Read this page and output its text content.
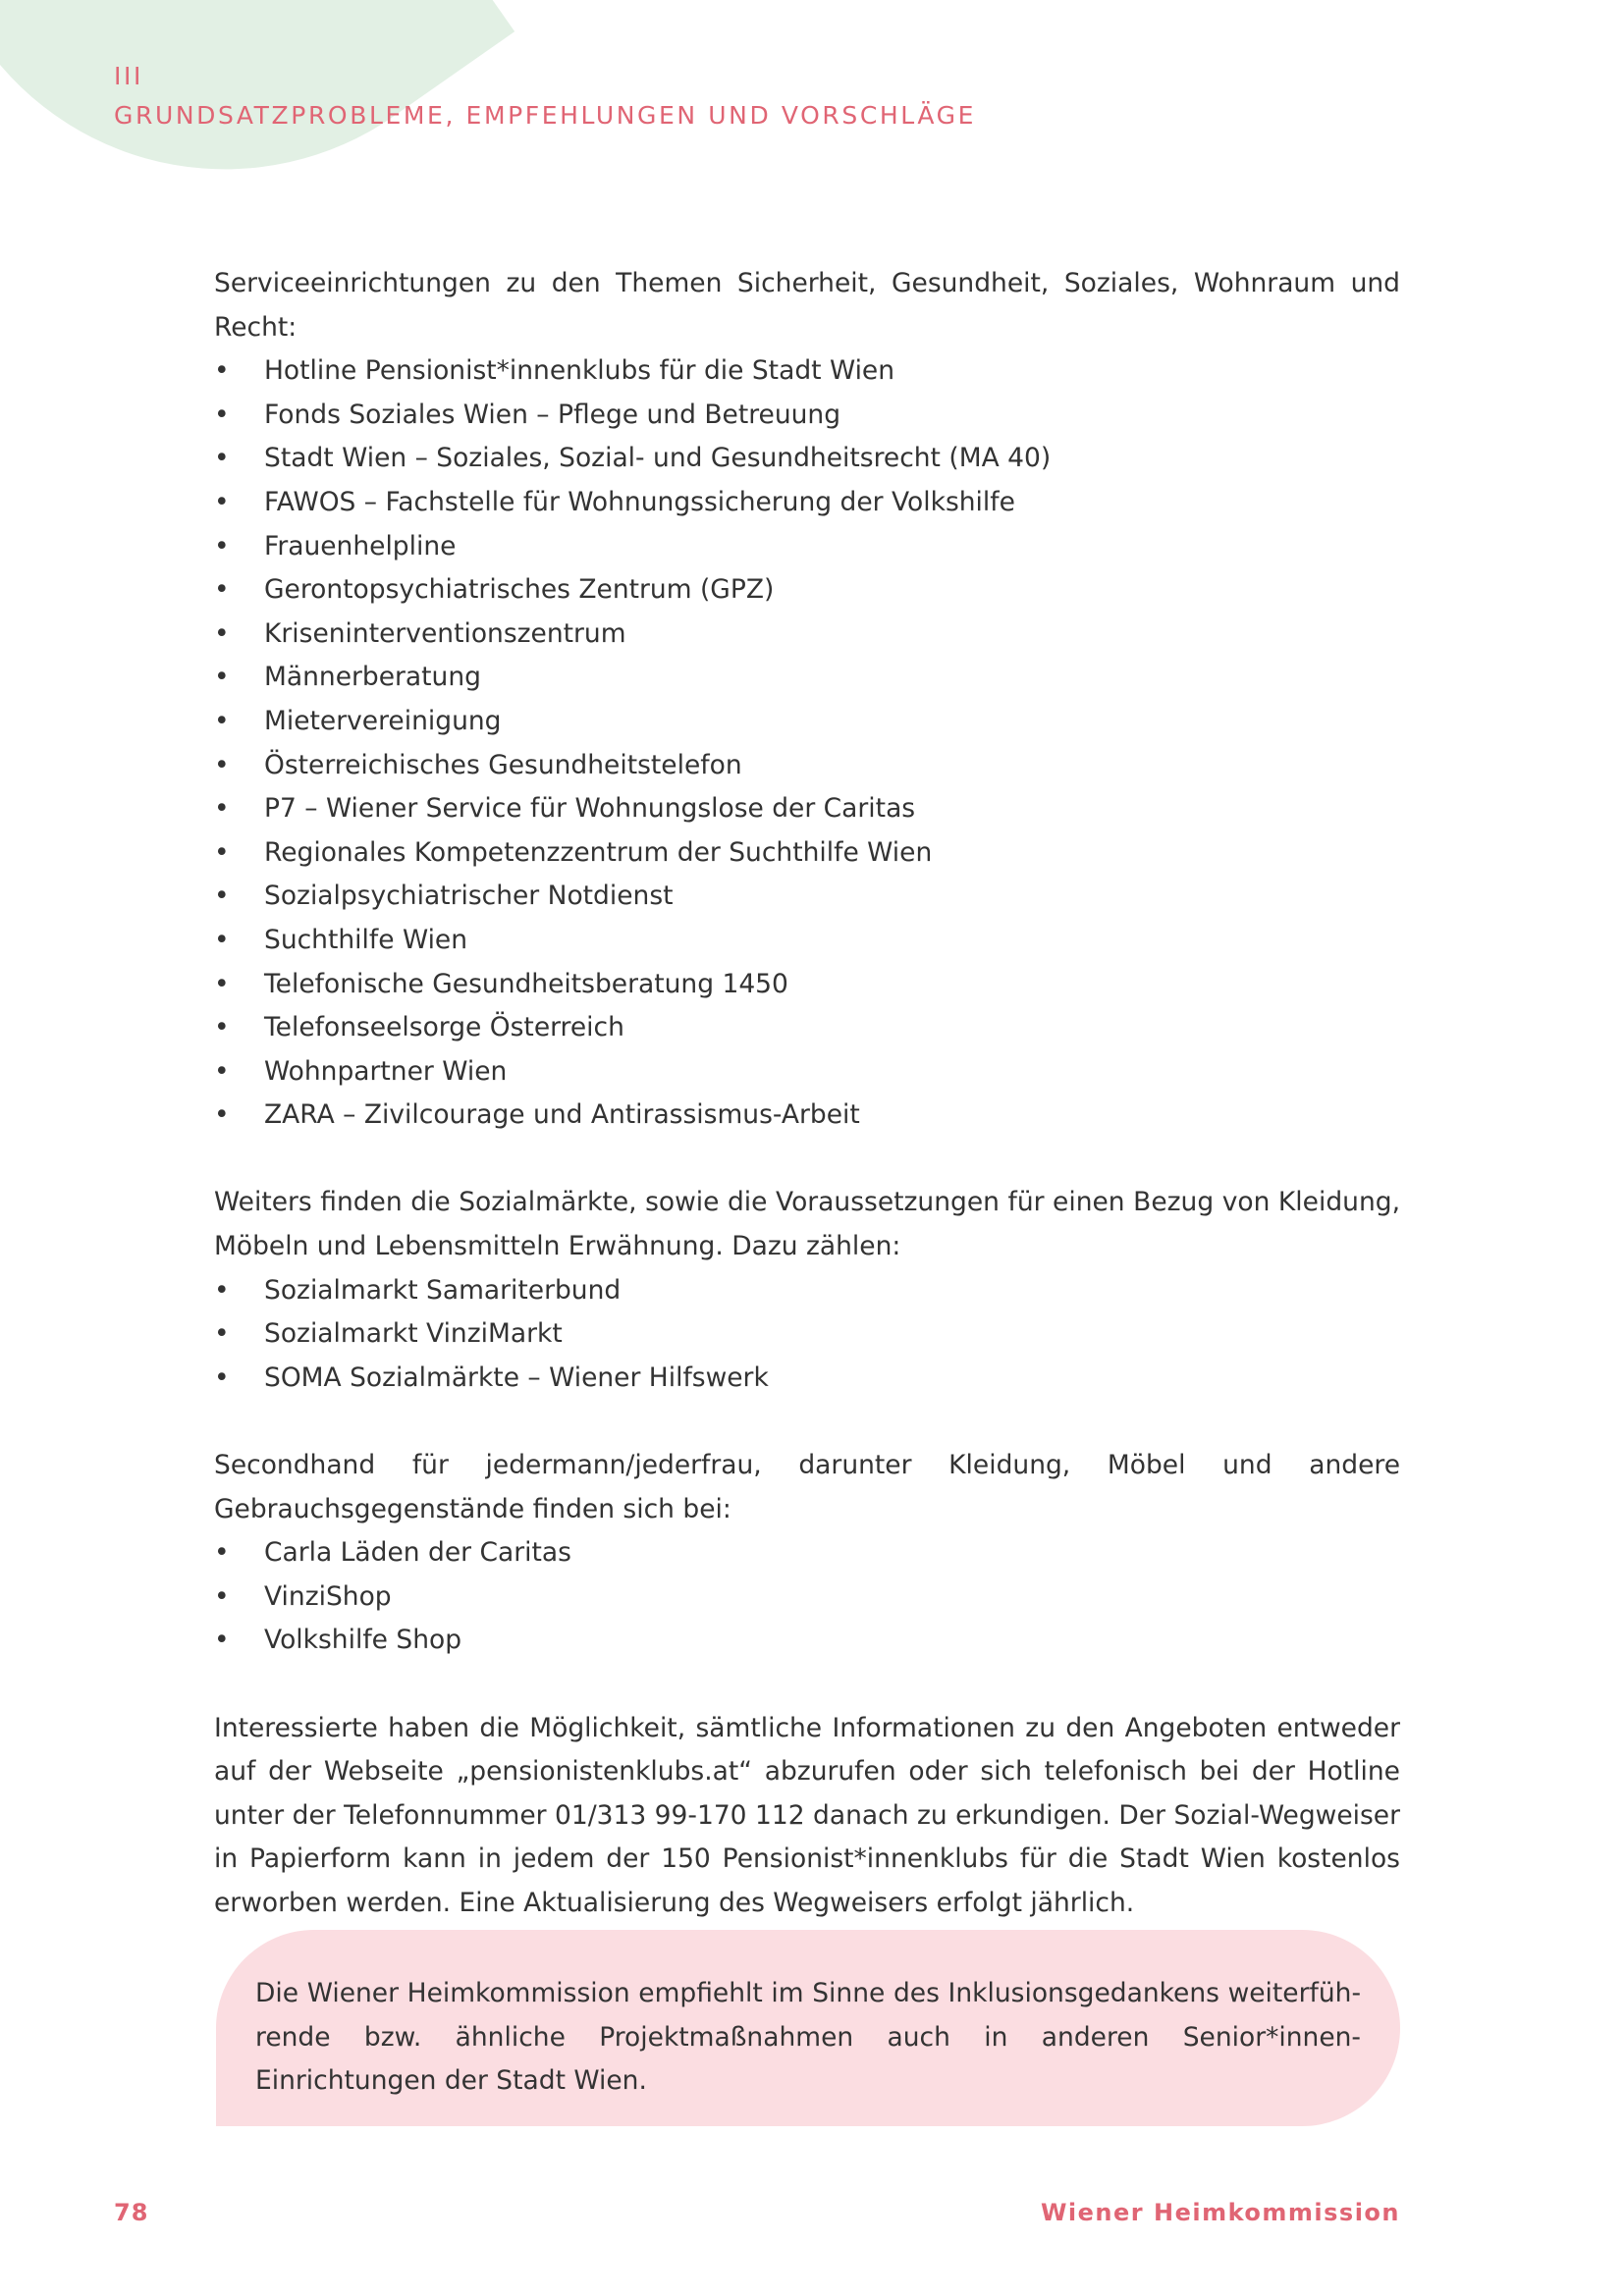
III
GRUNDSATZPROBLEME, EMPFEHLUNGEN UND VORSCHLÄGE

Serviceeinrichtungen zu den Themen Sicherheit, Gesundheit, Soziales, Wohnraum und Recht:

• Hotline Pensionist*innenklubs für die Stadt Wien
• Fonds Soziales Wien – Pflege und Betreuung
• Stadt Wien – Soziales, Sozial- und Gesundheitsrecht (MA 40)
• FAWOS – Fachstelle für Wohnungssicherung der Volkshilfe
• Frauenhelpline
• Gerontopsychiatrisches Zentrum (GPZ)
• Kriseninterventionszentrum
• Männerberatung
• Mietervereinigung
• Österreichisches Gesundheitstelefon
• P7 – Wiener Service für Wohnungslose der Caritas
• Regionales Kompetenzzentrum der Suchthilfe Wien
• Sozialpsychiatrischer Notdienst
• Suchthilfe Wien
• Telefonische Gesundheitsberatung 1450
• Telefonseelsorge Österreich
• Wohnpartner Wien
• ZARA – Zivilcourage und Antirassismus-Arbeit

Weiters finden die Sozialmärkte, sowie die Voraussetzungen für einen Bezug von Kleidung, Möbeln und Lebensmitteln Erwähnung. Dazu zählen:

• Sozialmarkt Samariterbund
• Sozialmarkt VinziMarkt
• SOMA Sozialmärkte – Wiener Hilfswerk

Secondhand für jedermann/jederfrau, darunter Kleidung, Möbel und andere Gebrauchsgegenstände finden sich bei:

• Carla Läden der Caritas
• VinziShop
• Volkshilfe Shop

Interessierte haben die Möglichkeit, sämtliche Informationen zu den Angeboten entweder auf der Webseite „pensionistenklubs.at“ abzurufen oder sich telefonisch bei der Hotline unter der Telefonnummer 01/313 99-170 112 danach zu erkundigen. Der Sozial-Wegweiser in Papierform kann in jedem der 150 Pensionist*innenklubs für die Stadt Wien kostenlos erworben werden. Eine Aktualisierung des Wegweisers erfolgt jährlich.

Die Wiener Heimkommission empfiehlt im Sinne des Inklusionsgedankens weiterführende bzw. ähnliche Projektmaßnahmen auch in anderen Senior*innen-Einrichtungen der Stadt Wien.
78	Wiener Heimkommission
